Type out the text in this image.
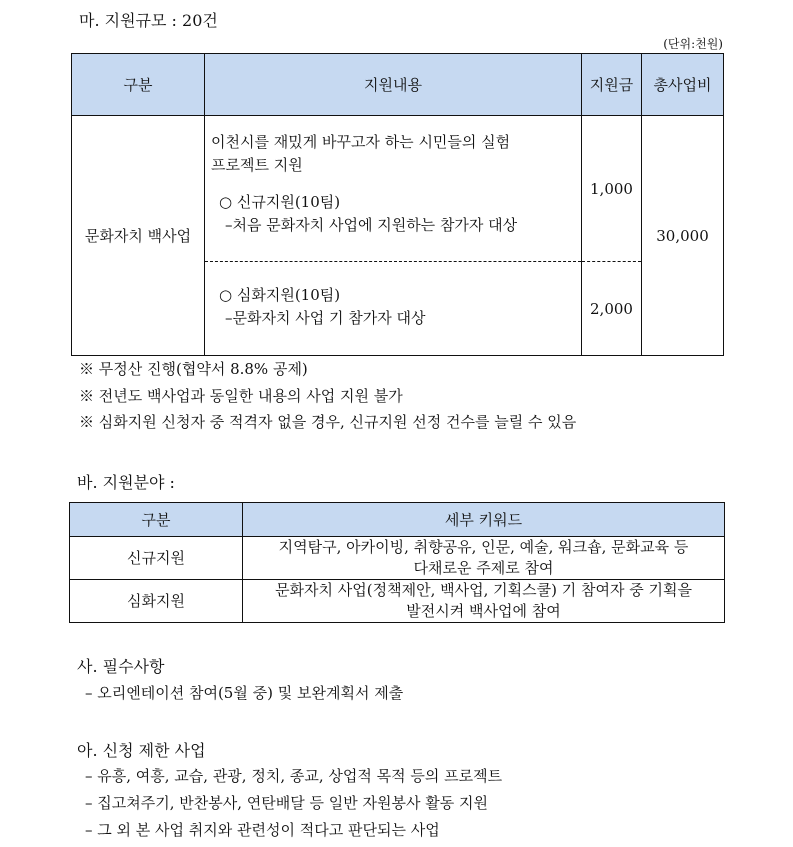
마. 지원규모 : 20건
(단위:천원)
구분	지원내용	지원금	총사업비
문화자치 백사업	이천시를 재밌게 바꾸고자 하는 시민들의 실험
프로젝트 지원
○ 신규지원(10팀)
–처음 문화자치 사업에 지원하는 참가자 대상	1,000	30,000

	○ 심화지원(10팀)
–문화자치 사업 기 참가자 대상	2,000	
※ 무정산 진행(협약서 8.8% 공제)
※ 전년도 백사업과 동일한 내용의 사업 지원 불가
※ 심화지원 신청자 중 적격자 없을 경우, 신규지원 선정 건수를 늘릴 수 있음
바. 지원분야 :
구분	세부 키워드
신규지원	지역탐구, 아카이빙, 취향공유, 인문, 예술, 워크숍, 문화교육 등
다채로운 주제로 참여

심화지원	문화자치 사업(정책제안, 백사업, 기획스쿨) 기 참여자 중 기획을
발전시켜 백사업에 참여
사. 필수사항
– 오리엔테이션 참여(5월 중) 및 보완계획서 제출
아. 신청 제한 사업
– 유흥, 여흥, 교습, 관광, 정치, 종교, 상업적 목적 등의 프로젝트
– 집고쳐주기, 반찬봉사, 연탄배달 등 일반 자원봉사 활동 지원
– 그 외 본 사업 취지와 관련성이 적다고 판단되는 사업
